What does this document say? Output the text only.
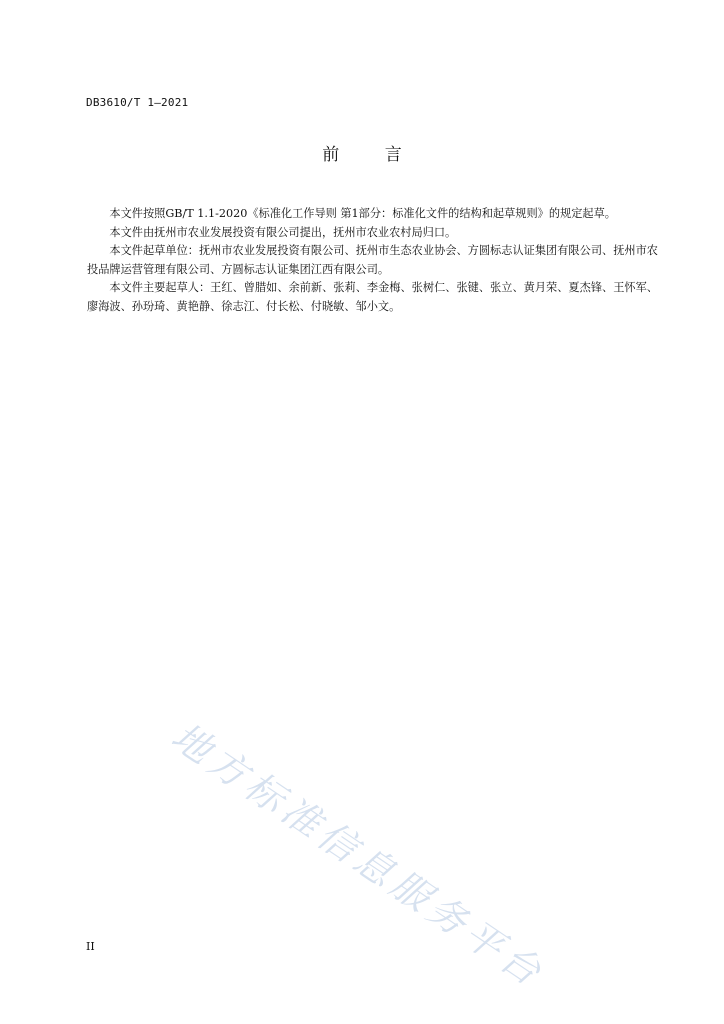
DB3610/T 1—2021
前 言

本文件按照GB/T 1.1-2020《标准化工作导则 第1部分：标准化文件的结构和起草规则》的规定起草。

本文件由抚州市农业发展投资有限公司提出，抚州市农业农村局归口。

本文件起草单位：抚州市农业发展投资有限公司、抚州市生态农业协会、方圆标志认证集团有限公司、抚州市农投品牌运营管理有限公司、方圆标志认证集团江西有限公司。

本文件主要起草人：王红、曾腊如、余前新、张莉、李金梅、张树仁、张键、张立、黄月荣、夏杰锋、王怀军、廖海波、孙玢琦、黄艳静、徐志江、付长松、付晓敏、邹小文。

地方标准信息服务平台
II
